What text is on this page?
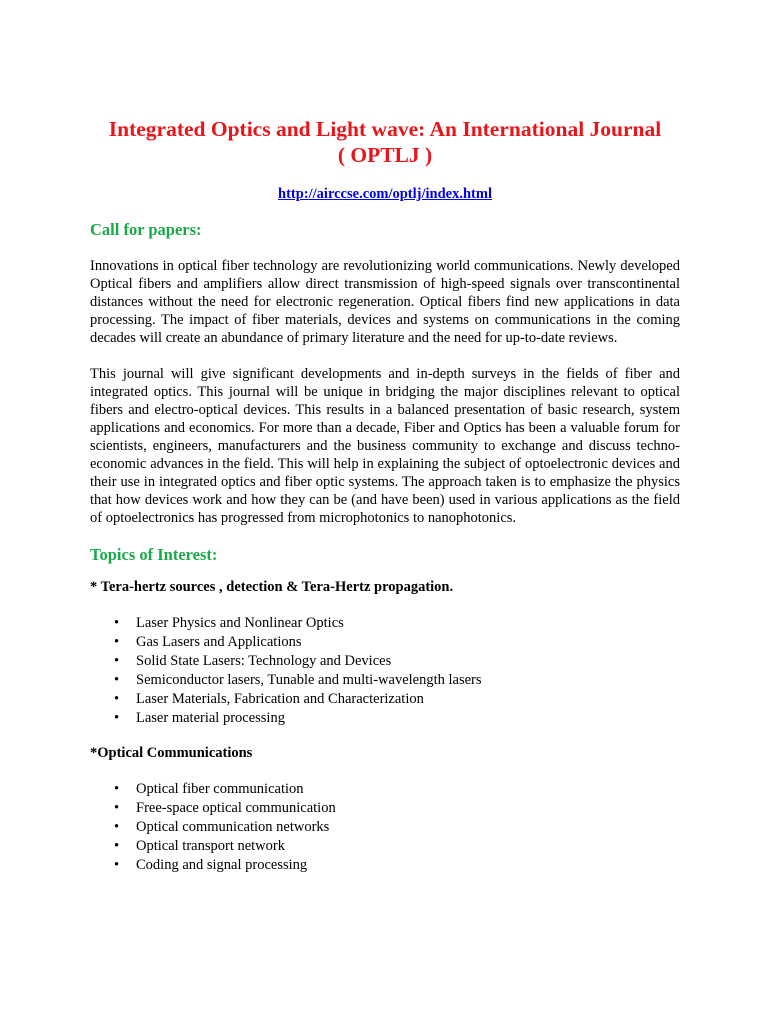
Integrated Optics and Light wave: An International Journal
( OPTLJ )
http://airccse.com/optlj/index.html
Call for papers:

Innovations in optical fiber technology are revolutionizing world communications. Newly developed Optical fibers and amplifiers allow direct transmission of high-speed signals over transcontinental distances without the need for electronic regeneration. Optical fibers find new applications in data processing. The impact of fiber materials, devices and systems on communications in the coming decades will create an abundance of primary literature and the need for up-to-date reviews.

This journal will give significant developments and in-depth surveys in the fields of fiber and integrated optics. This journal will be unique in bridging the major disciplines relevant to optical fibers and electro-optical devices. This results in a balanced presentation of basic research, system applications and economics. For more than a decade, Fiber and Optics has been a valuable forum for scientists, engineers, manufacturers and the business community to exchange and discuss techno-economic advances in the field. This will help in explaining the subject of optoelectronic devices and their use in integrated optics and fiber optic systems. The approach taken is to emphasize the physics that how devices work and how they can be (and have been) used in various applications as the field of optoelectronics has progressed from microphotonics to nanophotonics.

Topics of Interest:

* Tera-hertz sources , detection & Tera-Hertz propagation.

•	Laser Physics and Nonlinear Optics
•	Gas Lasers and Applications
•	Solid State Lasers: Technology and Devices
•	Semiconductor lasers, Tunable and multi-wavelength lasers
•	Laser Materials, Fabrication and Characterization
•	Laser material processing

*Optical Communications

•	Optical fiber communication
•	Free-space optical communication
•	Optical communication networks
•	Optical transport network
•	Coding and signal processing
